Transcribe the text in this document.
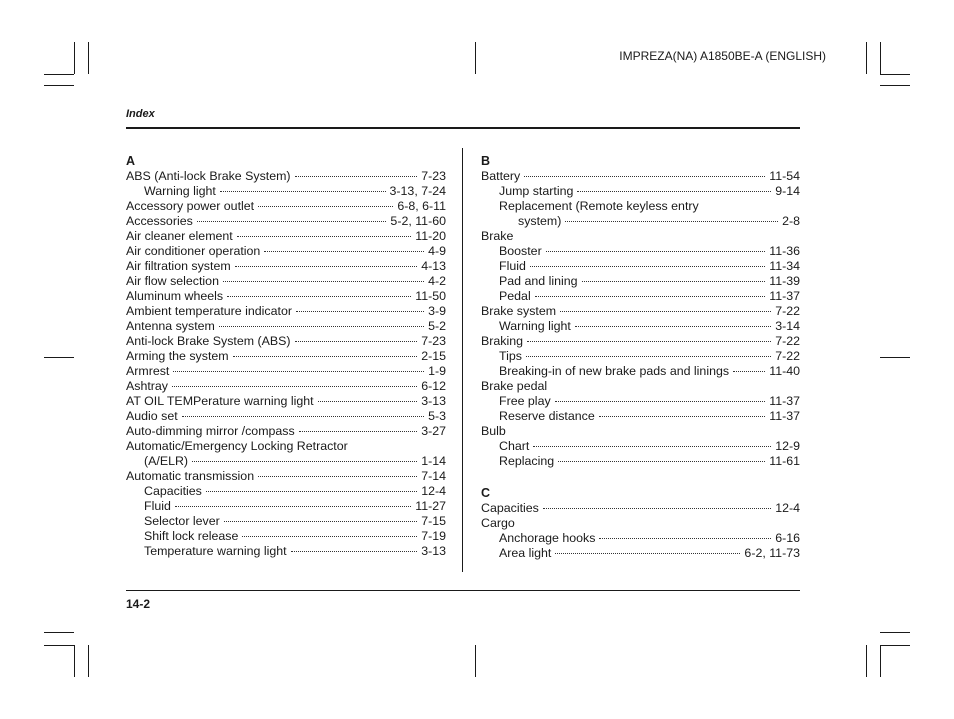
IMPREZA(NA) A1850BE-A (ENGLISH)
Index
A
ABS (Anti-lock Brake System)	7-23
Warning light	3-13, 7-24
Accessory power outlet	6-8, 6-11
Accessories	5-2, 11-60
Air cleaner element	11-20
Air conditioner operation	4-9
Air filtration system	4-13
Air flow selection	4-2
Aluminum wheels	11-50
Ambient temperature indicator	3-9
Antenna system	5-2
Anti-lock Brake System (ABS)	7-23
Arming the system	2-15
Armrest	1-9
Ashtray	6-12
AT OIL TEMPerature warning light	3-13
Audio set	5-3
Auto-dimming mirror /compass	3-27
Automatic/Emergency Locking Retractor
(A/ELR)	1-14
Automatic transmission	7-14
Capacities	12-4
Fluid	11-27
Selector lever	7-15
Shift lock release	7-19
Temperature warning light	3-13
B
Battery	11-54
Jump starting	9-14
Replacement (Remote keyless entry
system)	2-8
Brake
Booster	11-36
Fluid	11-34
Pad and lining	11-39
Pedal	11-37
Brake system	7-22
Warning light	3-14
Braking	7-22
Tips	7-22
Breaking-in of new brake pads and linings	11-40
Brake pedal
Free play	11-37
Reserve distance	11-37
Bulb
Chart	12-9
Replacing	11-61
C
Capacities	12-4
Cargo
Anchorage hooks	6-16
Area light	6-2, 11-73
14-2
